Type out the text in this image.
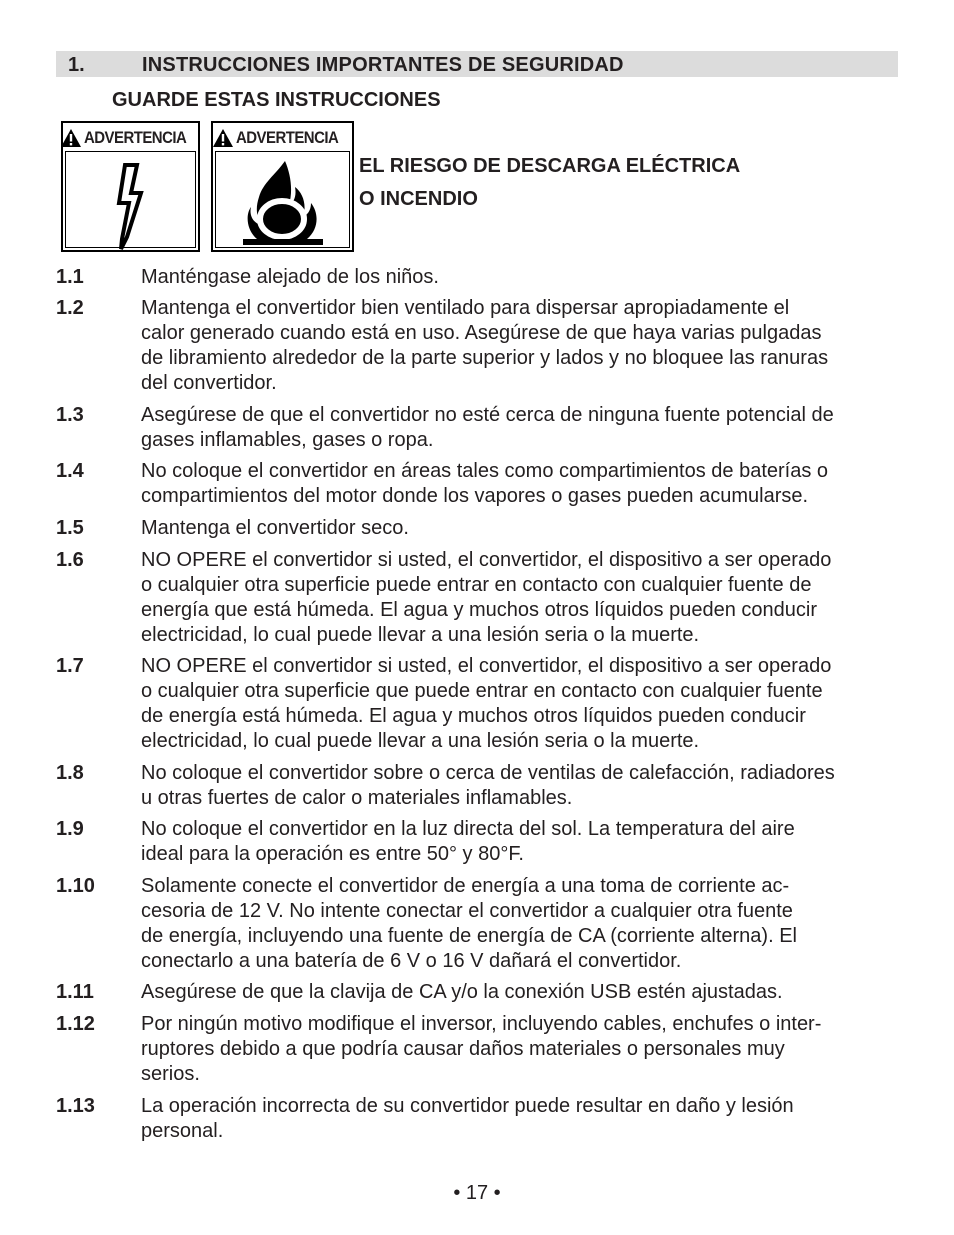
1.	INSTRUCCIONES IMPORTANTES DE SEGURIDAD
GUARDE ESTAS INSTRUCCIONES
ADVERTENCIA	ADVERTENCIA
EL RIESGO DE DESCARGA ELÉCTRICA
O INCENDIO
1.1	Manténgase alejado de los niños.
1.2	Mantenga el convertidor bien ventilado para dispersar apropiadamente el
calor generado cuando está en uso. Asegúrese de que haya varias pulgadas
de libramiento alrededor de la parte superior y lados y no bloquee las ranuras
del convertidor.
1.3	Asegúrese de que el convertidor no esté cerca de ninguna fuente potencial de
gases inflamables, gases o ropa.
1.4	No coloque el convertidor en áreas tales como compartimientos de baterías o
compartimientos del motor donde los vapores o gases pueden acumularse.
1.5	Mantenga el convertidor seco.
1.6	NO OPERE el convertidor si usted, el convertidor, el dispositivo a ser operado
o cualquier otra superficie puede entrar en contacto con cualquier fuente de
energía que está húmeda. El agua y muchos otros líquidos pueden conducir
electricidad, lo cual puede llevar a una lesión seria o la muerte.
1.7	NO OPERE el convertidor si usted, el convertidor, el dispositivo a ser operado
o cualquier otra superficie que puede entrar en contacto con cualquier fuente
de energía está húmeda. El agua y muchos otros líquidos pueden conducir
electricidad, lo cual puede llevar a una lesión seria o la muerte.
1.8	No coloque el convertidor sobre o cerca de ventilas de calefacción, radiadores
u otras fuertes de calor o materiales inflamables.
1.9	No coloque el convertidor en la luz directa del sol. La temperatura del aire
ideal para la operación es entre 50° y 80°F.
1.10 Solamente conecte el convertidor de energía a una toma de corriente ac-
cesoria de 12 V. No intente conectar el convertidor a cualquier otra fuente
de energía, incluyendo una fuente de energía de CA (corriente alterna). El
conectarlo a una batería de 6 V o 16 V dañará el convertidor.
1.11 Asegúrese de que la clavija de CA y/o la conexión USB estén ajustadas.
1.12 Por ningún motivo modifique el inversor, incluyendo cables, enchufes o inter-
ruptores debido a que podría causar daños materiales o personales muy
serios.
1.13 La operación incorrecta de su convertidor puede resultar en daño y lesión
personal.
• 17 •
